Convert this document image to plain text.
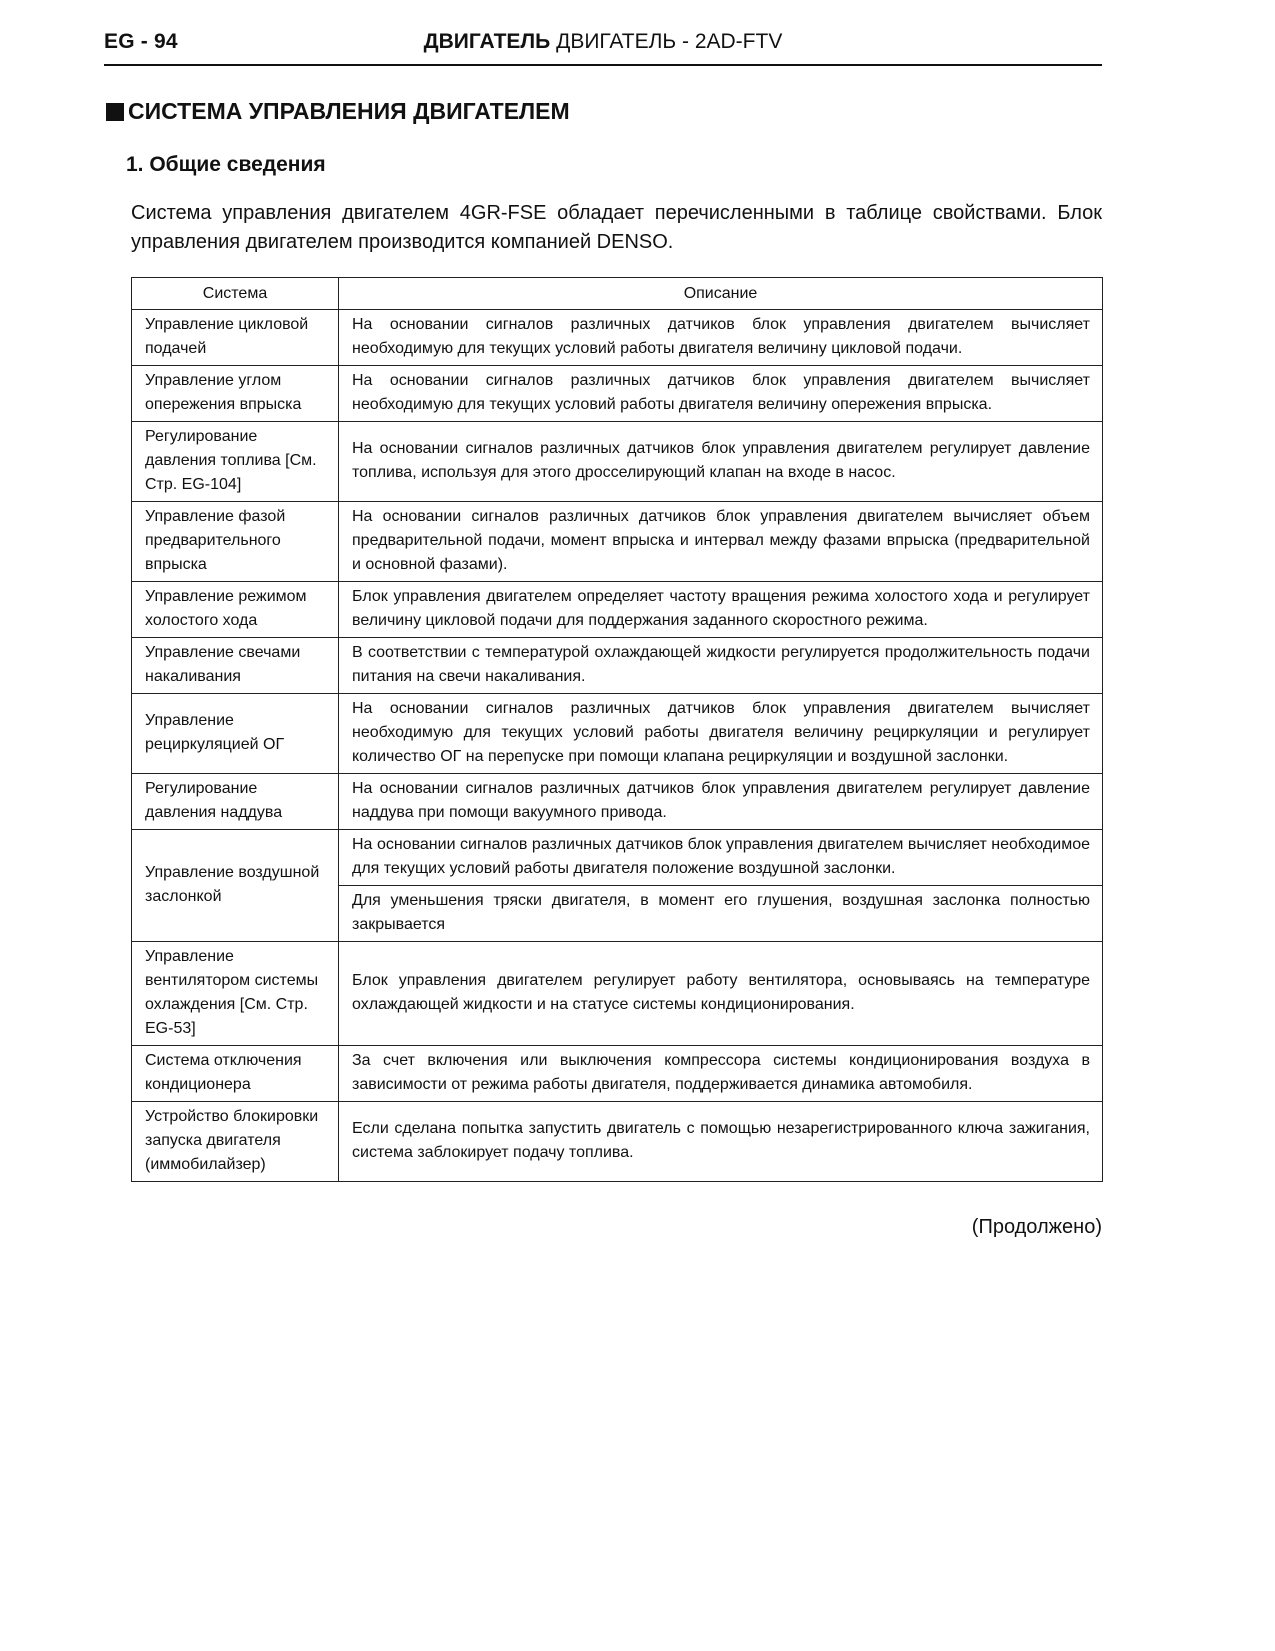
EG - 94	ДВИГАТЕЛЬ ДВИГАТЕЛЬ - 2AD-FTV
СИСТЕМА УПРАВЛЕНИЯ ДВИГАТЕЛЕМ
1. Общие сведения

Система управления двигателем 4GR-FSE обладает перечисленными в таблице свойствами. Блок управления двигателем производится компанией DENSO.

Система	Описание
Управление цикловой подачей	На основании сигналов различных датчиков блок управления двигателем вычисляет необходимую для текущих условий работы двигателя величину цикловой подачи.
Управление углом опережения впрыска	На основании сигналов различных датчиков блок управления двигателем вычисляет необходимую для текущих условий работы двигателя величину опережения впрыска.
Регулирование давления топлива [См. Стр. EG-104]	На основании сигналов различных датчиков блок управления двигателем регулирует давление топлива, используя для этого дросселирующий клапан на входе в насос.
Управление фазой предварительного впрыска	На основании сигналов различных датчиков блок управления двигателем вычисляет объем предварительной подачи, момент впрыска и интервал между фазами впрыска (предварительной и основной фазами).
Управление режимом холостого хода	Блок управления двигателем определяет частоту вращения режима холостого хода и регулирует величину цикловой подачи для поддержания заданного скоростного режима.
Управление свечами накаливания	В соответствии с температурой охлаждающей жидкости регулируется продолжительность подачи питания на свечи накаливания.
Управление рециркуляцией ОГ	На основании сигналов различных датчиков блок управления двигателем вычисляет необходимую для текущих условий работы двигателя величину рециркуляции и регулирует количество ОГ на перепуске при помощи клапана рециркуляции и воздушной заслонки.
Регулирование давления наддува	На основании сигналов различных датчиков блок управления двигателем регулирует давление наддува при помощи вакуумного привода.
Управление воздушной заслонкой	На основании сигналов различных датчиков блок управления двигателем вычисляет необходимое для текущих условий работы двигателя положение воздушной заслонки.
	Для уменьшения тряски двигателя, в момент его глушения, воздушная заслонка полностью закрывается
Управление вентилятором системы охлаждения [См. Стр. EG-53]	Блок управления двигателем регулирует работу вентилятора, основываясь на температуре охлаждающей жидкости и на статусе системы кондиционирования.
Система отключения кондиционера	За счет включения или выключения компрессора системы кондиционирования воздуха в зависимости от режима работы двигателя, поддерживается динамика автомобиля.
Устройство блокировки запуска двигателя (иммобилайзер)	Если сделана попытка запустить двигатель с помощью незарегистрированного ключа зажигания, система заблокирует подачу топлива.
(Продолжено)
